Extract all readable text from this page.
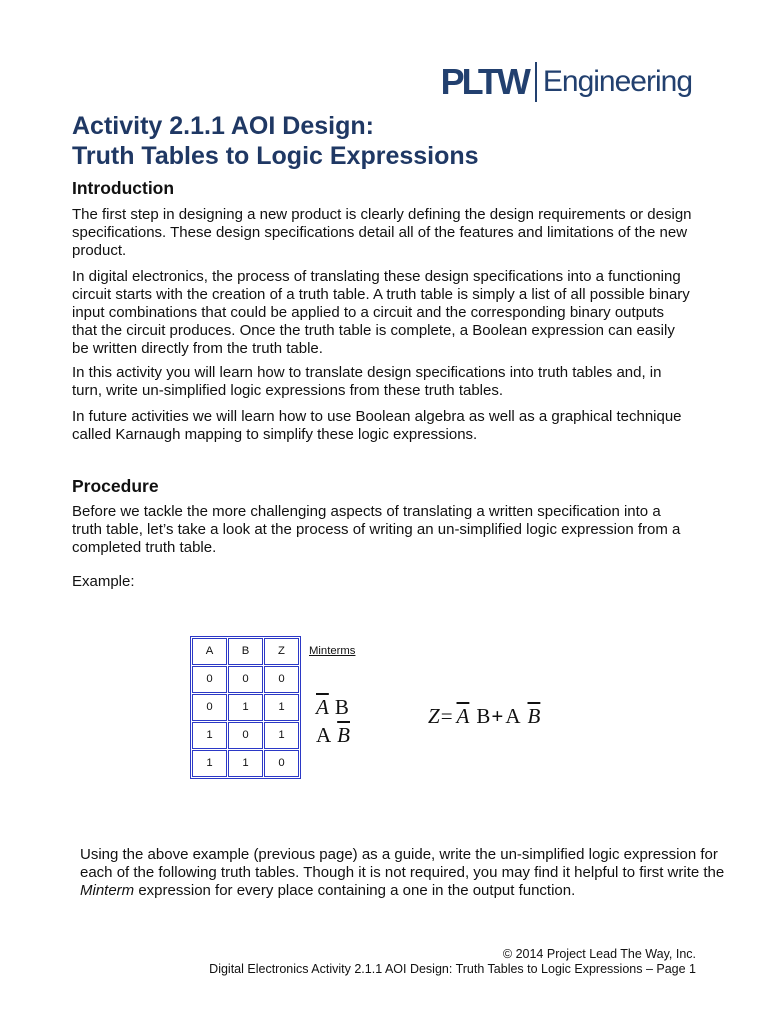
PLTW Engineering
Activity 2.1.1 AOI Design:
Truth Tables to Logic Expressions
Introduction

The first step in designing a new product is clearly defining the design requirements or design
specifications. These design specifications detail all of the features and limitations of the new
product.

In digital electronics, the process of translating these design specifications into a functioning
circuit starts with the creation of a truth table. A truth table is simply a list of all possible binary
input combinations that could be applied to a circuit and the corresponding binary outputs
that the circuit produces. Once the truth table is complete, a Boolean expression can easily
be written directly from the truth table.

In this activity you will learn how to translate design specifications into truth tables and, in
turn, write un-simplified logic expressions from these truth tables.

In future activities we will learn how to use Boolean algebra as well as a graphical technique
called Karnaugh mapping to simplify these logic expressions.

Procedure

Before we tackle the more challenging aspects of translating a written specification into a
truth table, let’s take a look at the process of writing an un-simplified logic expression from a
completed truth table.

Example:

A	B	Z
0	0	0
0	1	1
1	0	1
1	1	0
Minterms
$\overline{A}$ B
A $\overline{B}$
$Z= \overline{A}$ B+A $\overline{B}$

Using the above example (previous page) as a guide, write the un-simplified logic expression for
each of the following truth tables. Though it is not required, you may find it helpful to first write the
Minterm expression for every place containing a one in the output function.

© 2014 Project Lead The Way, Inc.
Digital Electronics Activity 2.1.1 AOI Design: Truth Tables to Logic Expressions – Page 1
